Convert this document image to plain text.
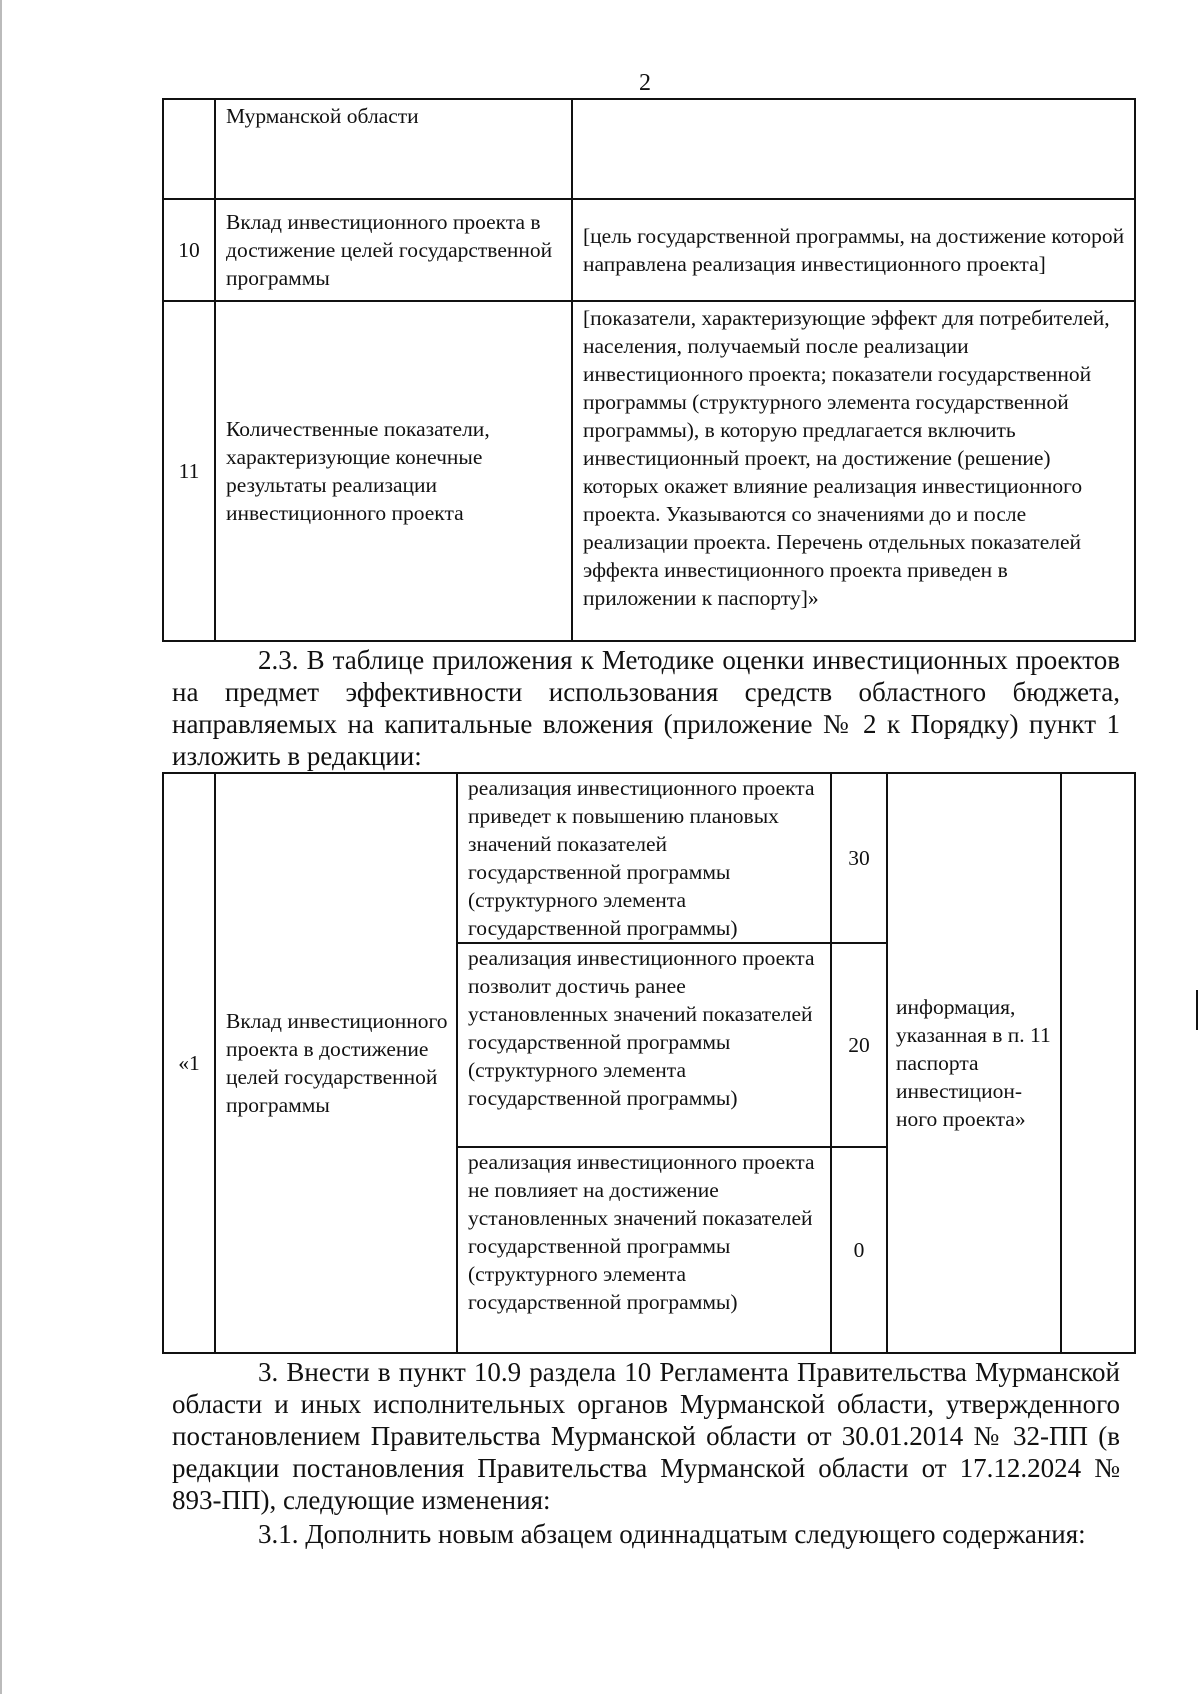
2
	Мурманской области	
10	Вклад инвестиционного проекта в достижение целей государственной программы	[цель государственной программы, на достижение которой направлена реализация инвестиционного проекта]
11	Количественные показатели, характеризующие конечные результаты реализации инвестиционного проекта	[показатели, характеризующие эффект для потребителей, населения, получаемый после реализации инвестиционного проекта; показатели государственной программы (структурного элемента государственной программы), в которую предлагается включить инвестиционный проект, на достижение (решение) которых окажет влияние реализация инвестиционного проекта. Указываются со значениями до и после реализации проекта. Перечень отдельных показателей эффекта инвестиционного проекта приведен в приложении к паспорту]»
2.3. В таблице приложения к Методике оценки инвестиционных проектов на предмет эффективности использования средств областного бюджета, направляемых на капитальные вложения (приложение № 2 к Порядку) пункт 1 изложить в редакции:
«1	Вклад инвестиционного проекта в достижение целей государственной программы	реализация инвестиционного проекта приведет к повышению плановых значений показателей государственной программы (структурного элемента государственной программы)	30	информация, указанная в п. 11 паспорта инвестицион-ного проекта»	
		реализация инвестиционного проекта позволит достичь ранее установленных значений показателей государственной программы (структурного элемента государственной программы)	20		
		реализация инвестиционного проекта не повлияет на достижение установленных значений показателей государственной программы (структурного элемента государственной программы)	0		
3. Внести в пункт 10.9 раздела 10 Регламента Правительства Мурманской области и иных исполнительных органов Мурманской области, утвержденного постановлением Правительства Мурманской области от 30.01.2014 № 32-ПП (в редакции постановления Правительства Мурманской области от 17.12.2024 № 893-ПП), следующие изменения:
3.1. Дополнить новым абзацем одиннадцатым следующего содержания:
